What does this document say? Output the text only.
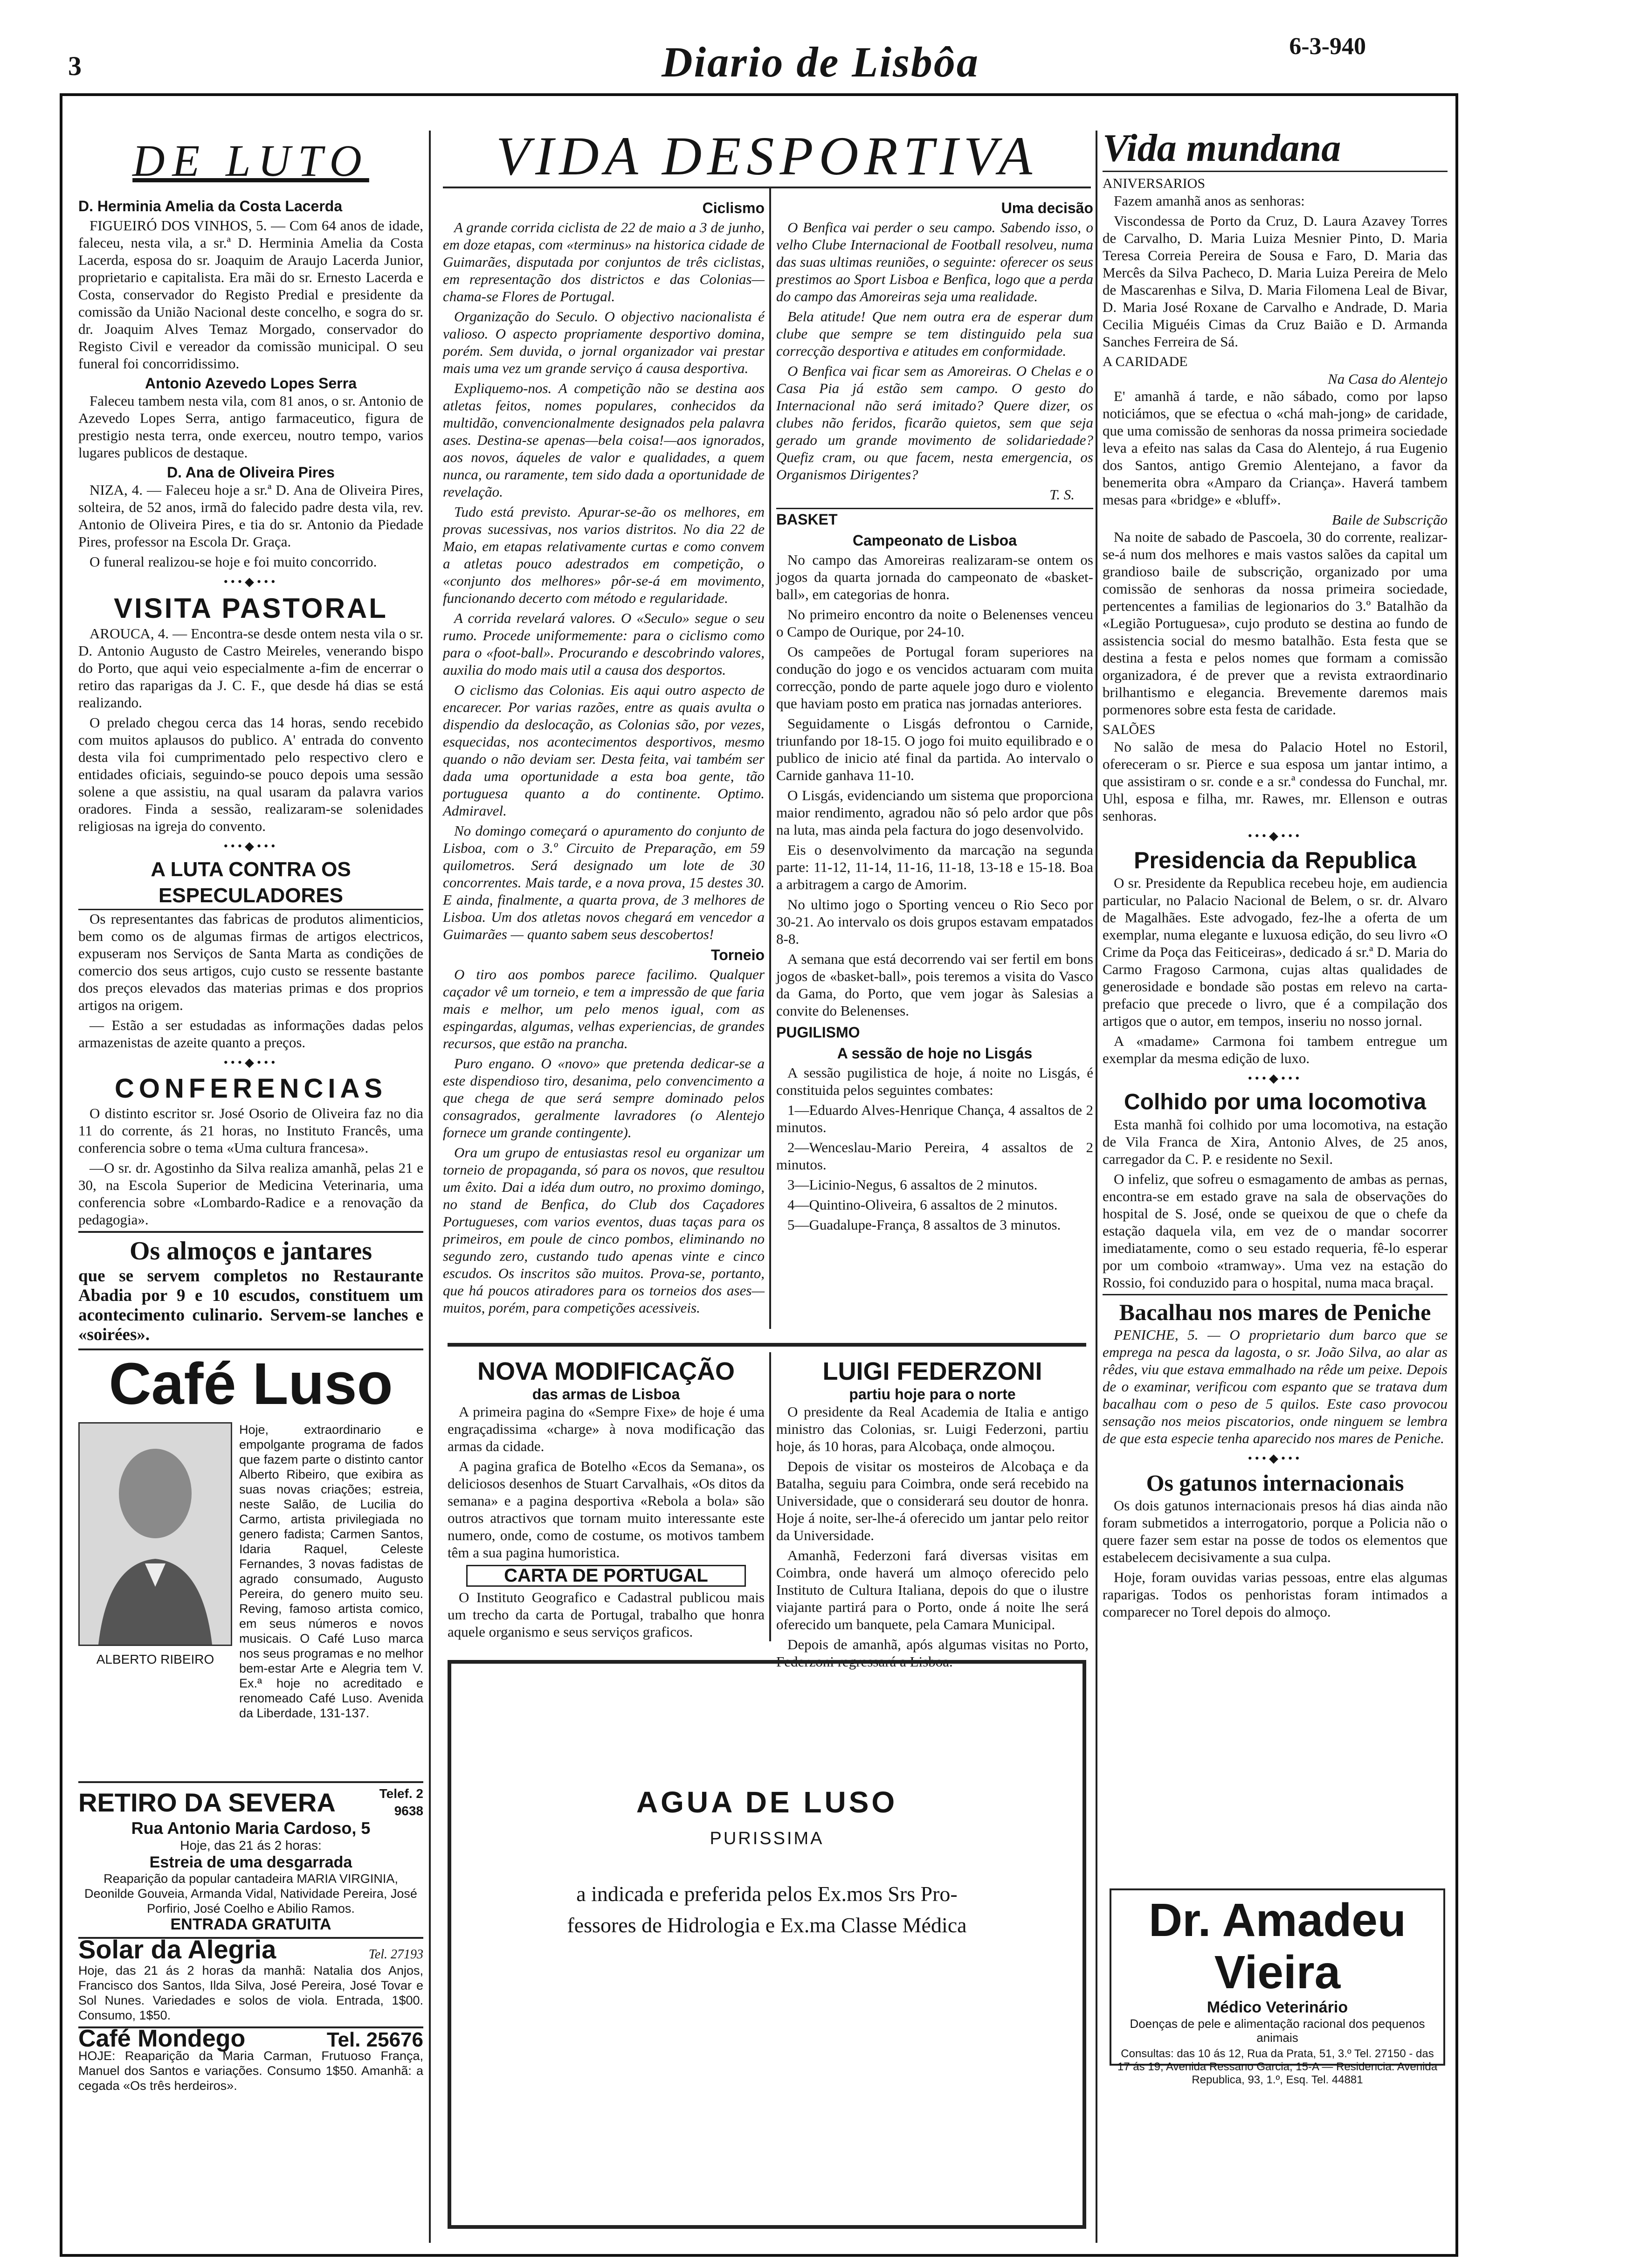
3	Diario de Lisbôa	6-3-940
DE LUTO
D. Herminia Amelia da Costa Lacerda

FIGUEIRÓ DOS VINHOS, 5. — Com 64 anos de idade, faleceu, nesta vila, a sr.ª D. Herminia Amelia da Costa Lacerda, esposa do sr. Joaquim de Araujo Lacerda Junior, proprietario e capitalista. Era mãi do sr. Ernesto Lacerda e Costa, conservador do Registo Predial e presidente da comissão da União Nacional deste concelho, e sogra do sr. dr. Joaquim Alves Temaz Morgado, conservador do Registo Civil e vereador da comissão municipal. O seu funeral foi concorridissimo.

Antonio Azevedo Lopes Serra

Faleceu tambem nesta vila, com 81 anos, o sr. Antonio de Azevedo Lopes Serra, antigo farmaceutico, figura de prestigio nesta terra, onde exerceu, noutro tempo, varios lugares publicos de destaque.

D. Ana de Oliveira Pires

NIZA, 4. — Faleceu hoje a sr.ª D. Ana de Oliveira Pires, solteira, de 52 anos, irmã do falecido padre desta vila, rev. Antonio de Oliveira Pires, e tia do sr. Antonio da Piedade Pires, professor na Escola Dr. Graça.

O funeral realizou-se hoje e foi muito concorrido.

•••◆•••
VISITA PASTORAL

AROUCA, 4. — Encontra-se desde ontem nesta vila o sr. D. Antonio Augusto de Castro Meireles, venerando bispo do Porto, que aqui veio especialmente a-fim de encerrar o retiro das raparigas da J. C. F., que desde há dias se está realizando.

O prelado chegou cerca das 14 horas, sendo recebido com muitos aplausos do publico. A' entrada do convento desta vila foi cumprimentado pelo respectivo clero e entidades oficiais, seguindo-se pouco depois uma sessão solene a que assistiu, na qual usaram da palavra varios oradores. Finda a sessão, realizaram-se solenidades religiosas na igreja do convento.

•••◆•••
A LUTA CONTRA OS ESPECULADORES

Os representantes das fabricas de produtos alimenticios, bem como os de algumas firmas de artigos electricos, expuseram nos Serviços de Santa Marta as condições de comercio dos seus artigos, cujo custo se ressente bastante dos preços elevados das materias primas e dos proprios artigos na origem.

— Estão a ser estudadas as informações dadas pelos armazenistas de azeite quanto a preços.

•••◆•••
CONFERENCIAS

O distinto escritor sr. José Osorio de Oliveira faz no dia 11 do corrente, ás 21 horas, no Instituto Francês, uma conferencia sobre o tema «Uma cultura francesa».

—O sr. dr. Agostinho da Silva realiza amanhã, pelas 21 e 30, na Escola Superior de Medicina Veterinaria, uma conferencia sobre «Lombardo-Radice e a renovação da pedagogia».

Os almoços e jantares
que se servem completos no Restaurante Abadia por 9 e 10 escudos, constituem um acontecimento culinario. Servem-se lanches e «soirées».
Café Luso
ALBERTO RIBEIRO
Hoje, extraordinario e empolgante programa de fados que fazem parte o distinto cantor Alberto Ribeiro, que exibira as suas novas criações; estreia, neste Salão, de Lucilia do Carmo, artista privilegiada no genero fadista; Carmen Santos, Idaria Raquel, Celeste Fernandes, 3 novas fadistas de agrado consumado, Augusto Pereira, do genero muito seu. Reving, famoso artista comico, em seus números e novos musicais. O Café Luso marca nos seus programas e no melhor bem-estar Arte e Alegria tem V. Ex.ª hoje no acreditado e renomeado Café Luso. Avenida da Liberdade, 131-137.
RETIRO DA SEVERA	Telef. 2 9638
Rua Antonio Maria Cardoso, 5
Hoje, das 21 ás 2 horas:
Estreia de uma desgarrada
Reaparição da popular cantadeira MARIA VIRGINIA, Deonilde Gouveia, Armanda Vidal, Natividade Pereira, José Porfirio, José Coelho e Abilio Ramos.
ENTRADA GRATUITA
Solar da Alegria	Tel. 27193
Hoje, das 21 ás 2 horas da manhã: Natalia dos Anjos, Francisco dos Santos, Ilda Silva, José Pereira, José Tovar e Sol Nunes. Variedades e solos de viola. Entrada, 1$00. Consumo, 1$50.
Café Mondego	Tel. 25676
HOJE: Reaparição da Maria Carman, Frutuoso França, Manuel dos Santos e variações. Consumo 1$50. Amanhã: a cegada «Os três herdeiros».
VIDA DESPORTIVA
Ciclismo

A grande corrida ciclista de 22 de maio a 3 de junho, em doze etapas, com «terminus» na historica cidade de Guimarães, disputada por conjuntos de três ciclistas, em representação dos districtos e das Colonias—chama-se Flores de Portugal.

Organização do Seculo. O objectivo nacionalista é valioso. O aspecto propriamente desportivo domina, porém. Sem duvida, o jornal organizador vai prestar mais uma vez um grande serviço á causa desportiva.

Expliquemo-nos. A competição não se destina aos atletas feitos, nomes populares, conhecidos da multidão, convencionalmente designados pela palavra ases. Destina-se apenas—bela coisa!—aos ignorados, aos novos, áqueles de valor e qualidades, a quem nunca, ou raramente, tem sido dada a oportunidade de revelação.

Tudo está previsto. Apurar-se-ão os melhores, em provas sucessivas, nos varios distritos. No dia 22 de Maio, em etapas relativamente curtas e como convem a atletas pouco adestrados em competição, o «conjunto dos melhores» pôr-se-á em movimento, funcionando decerto com método e regularidade.

A corrida revelará valores. O «Seculo» segue o seu rumo. Procede uniformemente: para o ciclismo como para o «foot-ball». Procurando e descobrindo valores, auxilia do modo mais util a causa dos desportos.

O ciclismo das Colonias. Eis aqui outro aspecto de encarecer. Por varias razões, entre as quais avulta o dispendio da deslocação, as Colonias são, por vezes, esquecidas, nos acontecimentos desportivos, mesmo quando o não deviam ser. Desta feita, vai também ser dada uma oportunidade a esta boa gente, tão portuguesa quanto a do continente. Optimo. Admiravel.

No domingo começará o apuramento do conjunto de Lisboa, com o 3.º Circuito de Preparação, em 59 quilometros. Será designado um lote de 30 concorrentes. Mais tarde, e a nova prova, 15 destes 30. E ainda, finalmente, a quarta prova, de 3 melhores de Lisboa. Um dos atletas novos chegará em vencedor a Guimarães — quanto sabem seus descobertos!

Torneio

O tiro aos pombos parece facilimo. Qualquer caçador vê um torneio, e tem a impressão de que faria mais e melhor, um pelo menos igual, com as espingardas, algumas, velhas experiencias, de grandes recursos, que estão na prancha.

Puro engano. O «novo» que pretenda dedicar-se a este dispendioso tiro, desanima, pelo convencimento a que chega de que será sempre dominado pelos consagrados, geralmente lavradores (o Alentejo fornece um grande contingente).

Ora um grupo de entusiastas resol eu organizar um torneio de propaganda, só para os novos, que resultou um êxito. Dai a idéa dum outro, no proximo domingo, no stand de Benfica, do Club dos Caçadores Portugueses, com varios eventos, duas taças para os primeiros, em poule de cinco pombos, eliminando no segundo zero, custando tudo apenas vinte e cinco escudos. Os inscritos são muitos. Prova-se, portanto, que há poucos atiradores para os torneios dos ases—muitos, porém, para competições acessiveis.

Uma decisão

O Benfica vai perder o seu campo. Sabendo isso, o velho Clube Internacional de Football resolveu, numa das suas ultimas reuniões, o seguinte: oferecer os seus prestimos ao Sport Lisboa e Benfica, logo que a perda do campo das Amoreiras seja uma realidade.

Bela atitude! Que nem outra era de esperar dum clube que sempre se tem distinguido pela sua correcção desportiva e atitudes em conformidade.

O Benfica vai ficar sem as Amoreiras. O Chelas e o Casa Pia já estão sem campo. O gesto do Internacional não será imitado? Quere dizer, os clubes não feridos, ficarão quietos, sem que seja gerado um grande movimento de solidariedade? Quefiz cram, ou que facem, nesta emergencia, os Organismos Dirigentes?

T. S.
BASKET
Campeonato de Lisboa

No campo das Amoreiras realizaram-se ontem os jogos da quarta jornada do campeonato de «basket-ball», em categorias de honra.

No primeiro encontro da noite o Belenenses venceu o Campo de Ourique, por 24-10.

Os campeões de Portugal foram superiores na condução do jogo e os vencidos actuaram com muita correcção, pondo de parte aquele jogo duro e violento que haviam posto em pratica nas jornadas anteriores.

Seguidamente o Lisgás defrontou o Carnide, triunfando por 18-15. O jogo foi muito equilibrado e o publico de inicio até final da partida. Ao intervalo o Carnide ganhava 11-10.

O Lisgás, evidenciando um sistema que proporciona maior rendimento, agradou não só pelo ardor que pôs na luta, mas ainda pela factura do jogo desenvolvido.

Eis o desenvolvimento da marcação na segunda parte: 11-12, 11-14, 11-16, 11-18, 13-18 e 15-18. Boa a arbitragem a cargo de Amorim.

No ultimo jogo o Sporting venceu o Rio Seco por 30-21. Ao intervalo os dois grupos estavam empatados 8-8.

A semana que está decorrendo vai ser fertil em bons jogos de «basket-ball», pois teremos a visita do Vasco da Gama, do Porto, que vem jogar às Salesias a convite do Belenenses.

PUGILISMO
A sessão de hoje no Lisgás

A sessão pugilistica de hoje, á noite no Lisgás, é constituida pelos seguintes combates:

1—Eduardo Alves-Henrique Chança, 4 assaltos de 2 minutos.

2—Wenceslau-Mario Pereira, 4 assaltos de 2 minutos.

3—Licinio-Negus, 6 assaltos de 2 minutos.

4—Quintino-Oliveira, 6 assaltos de 2 minutos.

5—Guadalupe-França, 8 assaltos de 3 minutos.

NOVA MODIFICAÇÃO
das armas de Lisboa

A primeira pagina do «Sempre Fixe» de hoje é uma engraçadissima «charge» à nova modificação das armas da cidade.

A pagina grafica de Botelho «Ecos da Semana», os deliciosos desenhos de Stuart Carvalhais, «Os ditos da semana» e a pagina desportiva «Rebola a bola» são outros atractivos que tornam muito interessante este numero, onde, como de costume, os motivos tambem têm a sua pagina humoristica.

CARTA DE PORTUGAL

O Instituto Geografico e Cadastral publicou mais um trecho da carta de Portugal, trabalho que honra aquele organismo e seus serviços graficos.

LUIGI FEDERZONI
partiu hoje para o norte

O presidente da Real Academia de Italia e antigo ministro das Colonias, sr. Luigi Federzoni, partiu hoje, ás 10 horas, para Alcobaça, onde almoçou.

Depois de visitar os mosteiros de Alcobaça e da Batalha, seguiu para Coimbra, onde será recebido na Universidade, que o considerará seu doutor de honra. Hoje á noite, ser-lhe-á oferecido um jantar pelo reitor da Universidade.

Amanhã, Federzoni fará diversas visitas em Coimbra, onde haverá um almoço oferecido pelo Instituto de Cultura Italiana, depois do que o ilustre viajante partirá para o Porto, onde á noite lhe será oferecido um banquete, pela Camara Municipal.

Depois de amanhã, após algumas visitas no Porto, Federzoni regressará a Lisboa.

AGUA DE LUSO
PURISSIMA
a indicada e preferida pelos Ex.mos Srs Pro-
fessores de Hidrologia e Ex.ma Classe Médica
Vida mundana
ANIVERSARIOS

Fazem amanhã anos as senhoras:

Viscondessa de Porto da Cruz, D. Laura Azavey Torres de Carvalho, D. Maria Luiza Mesnier Pinto, D. Maria Teresa Correia Pereira de Sousa e Faro, D. Maria das Mercês da Silva Pacheco, D. Maria Luiza Pereira de Melo de Mascarenhas e Silva, D. Maria Filomena Leal de Bivar, D. Maria José Roxane de Carvalho e Andrade, D. Maria Cecilia Miguéis Cimas da Cruz Baião e D. Armanda Sanches Ferreira de Sá.

A CARIDADE
Na Casa do Alentejo

E' amanhã á tarde, e não sábado, como por lapso noticiámos, que se efectua o «chá mah-jong» de caridade, que uma comissão de senhoras da nossa primeira sociedade leva a efeito nas salas da Casa do Alentejo, á rua Eugenio dos Santos, antigo Gremio Alentejano, a favor da benemerita obra «Amparo da Criança». Haverá tambem mesas para «bridge» e «bluff».

Baile de Subscrição

Na noite de sabado de Pascoela, 30 do corrente, realizar-se-á num dos melhores e mais vastos salões da capital um grandioso baile de subscrição, organizado por uma comissão de senhoras da nossa primeira sociedade, pertencentes a familias de legionarios do 3.º Batalhão da «Legião Portuguesa», cujo produto se destina ao fundo de assistencia social do mesmo batalhão. Esta festa que se destina a festa e pelos nomes que formam a comissão organizadora, é de prever que a revista extraordinario brilhantismo e elegancia. Brevemente daremos mais pormenores sobre esta festa de caridade.

SALÕES

No salão de mesa do Palacio Hotel no Estoril, ofereceram o sr. Pierce e sua esposa um jantar intimo, a que assistiram o sr. conde e a sr.ª condessa do Funchal, mr. Uhl, esposa e filha, mr. Rawes, mr. Ellenson e outras senhoras.

•••◆•••
Presidencia da Republica

O sr. Presidente da Republica recebeu hoje, em audiencia particular, no Palacio Nacional de Belem, o sr. dr. Alvaro de Magalhães. Este advogado, fez-lhe a oferta de um exemplar, numa elegante e luxuosa edição, do seu livro «O Crime da Poça das Feiticeiras», dedicado á sr.ª D. Maria do Carmo Fragoso Carmona, cujas altas qualidades de generosidade e bondade são postas em relevo na carta-prefacio que precede o livro, que é a compilação dos artigos que o autor, em tempos, inseriu no nosso jornal.

A «madame» Carmona foi tambem entregue um exemplar da mesma edição de luxo.

•••◆•••
Colhido por uma locomotiva

Esta manhã foi colhido por uma locomotiva, na estação de Vila Franca de Xira, Antonio Alves, de 25 anos, carregador da C. P. e residente no Sexil.

O infeliz, que sofreu o esmagamento de ambas as pernas, encontra-se em estado grave na sala de observações do hospital de S. José, onde se queixou de que o chefe da estação daquela vila, em vez de o mandar socorrer imediatamente, como o seu estado requeria, fê-lo esperar por um comboio «tramway». Uma vez na estação do Rossio, foi conduzido para o hospital, numa maca braçal.

Bacalhau nos mares de Peniche

PENICHE, 5. — O proprietario dum barco que se emprega na pesca da lagosta, o sr. João Silva, ao alar as rêdes, viu que estava emmalhado na rêde um peixe. Depois de o examinar, verificou com espanto que se tratava dum bacalhau com o peso de 5 quilos. Este caso provocou sensação nos meios piscatorios, onde ninguem se lembra de que esta especie tenha aparecido nos mares de Peniche.

•••◆•••
Os gatunos internacionais

Os dois gatunos internacionais presos há dias ainda não foram submetidos a interrogatorio, porque a Policia não o quere fazer sem estar na posse de todos os elementos que estabelecem decisivamente a sua culpa.

Hoje, foram ouvidas varias pessoas, entre elas algumas raparigas. Todos os penhoristas foram intimados a comparecer no Torel depois do almoço.

Dr. Amadeu Vieira
Médico Veterinário
Doenças de pele e alimentação racional dos pequenos animais
Consultas: das 10 ás 12, Rua da Prata, 51, 3.º Tel. 27150 - das 17 ás 19, Avenida Ressano Garcia, 15-A — Residencia: Avenida Republica, 93, 1.º, Esq. Tel. 44881
